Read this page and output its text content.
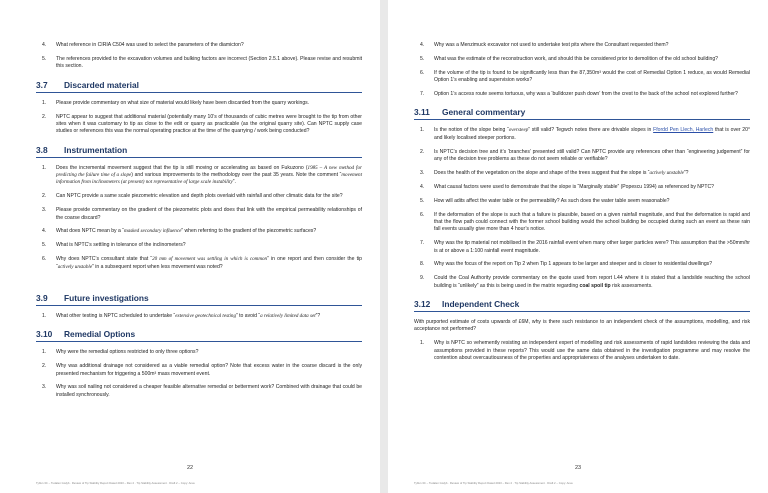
4.	What reference in CIRIA C504 was used to select the parameters of the diamicton?
5.	The references provided to the excavation volumes and bulking factors are incorrect (Section 2.5.1 above). Please revise and resubmit this section.
3.7	Discarded material
1.	Please provide commentary on what size of material would likely have been discarded from the quarry workings.
2.	NPTC appear to suggest that additional material (potentially many 10’s of thousands of cubic metres were brought to the tip from other sites when it was customary to tip as close to the edit or quarry as practicable (as the original quarry site). Can NPTC supply case studies or references this was the normal operating practice at the time of the quarrying / work being conducted?
3.8	Instrumentation
1.	Does the incremental movement suggest that the tip is still moving or accelerating as based on Fukuzono (1985 – A new method for predicting the failure time of a slope) and various improvements to the methodology over the past 35 years. Note the comment “movement information from inclinometers (at present) not representative of large scale instability”.
2.	Can NPTC provide a same scale piezometric elevation and depth plots overlaid with rainfall and other climatic data for the site?
3.	Please provide commentary on the gradient of the piezometric plots and does that link with the empirical permeability relationships of the coarse discard?
4.	What does NPTC mean by a “masked secondary influence” when referring to the gradient of the piezometric surfaces?
5.	What is NPTC’s settling in tolerance of the inclinometers?
6.	Why does NPTC’s consultant state that “20 mm of movement was settling in which is common” in one report and then consider the tip “actively unstable” in a subsequent report when less movement was noted?
3.9	Future investigations
1.	What other testing is NPTC scheduled to undertake “extensive geotechnical testing” to avoid “a relatively limited data set”?
3.10	Remedial Options
1.	Why were the remedial options restricted to only three options?
2.	Why was additional drainage not considered as a viable remedial option? Note that excess water in the coarse discard is the only presented mechanism for triggering a 500m³ mass movement event.
3.	Why was soil nailing not considered a cheaper feasible alternative remedial or betterment work? Combined with drainage that could be installed synchronously.
22
Tylfen 3C – Tudalen Gwlyb · Review of Tip Stability Report Dated 2023 – Rev 2 · Tip Stability Assessment · Draft 2 – Copy: Area
4.	Why was a Menzimuck excavator not used to undertake test pits where the Consultant requested them?
5.	What was the estimate of the reconstruction work, and should this be considered prior to demolition of the old school building?
6.	If the volume of the tip is found to be significantly less than the 87,350m³ would the cost of Remedial Option 1 reduce, as would Remedial Option 1’s enabling and supervision works?
7.	Option 1’s access route seems tortuous, why was a ‘bulldozer push down’ from the crest to the back of the school not explored further?
3.11	General commentary
1.	Is the notion of the slope being “oversteep” still valid? Tegwch notes there are drivable slopes in Ffordd Pen Llech, Harlech that is over 20° and likely localised steeper portions.
2.	Is NPTC’s decision tree and it’s ‘branches’ presented still valid? Can NPTC provide any references other than “engineering judgement” for any of the decision tree problems as these do not seem reliable or verifiable?
3.	Does the health of the vegetation on the slope and shape of the trees suggest that the slope is “actively unstable”?
4.	What causal factors were used to demonstrate that the slope is “Marginally stable” (Popescu 1994) as referenced by NPTC?
5.	How will adits affect the water table or the permeability? As such does the water table seem reasonable?
6.	If the deformation of the slope is such that a failure is plausible, based on a given rainfall magnitude, and that the deformation is rapid and that the flow path could connect with the former school building would the school building be occupied during such an event as these rain fall events usually give more than 4 hour’s notice.
7.	Why was the tip material not mobilised in the 2016 rainfall event when many other larger particles were? This assumption that the >50mm/hr is at or above a 1:100 rainfall event magnitude.
8.	Why was the focus of the report on Tip 2 when Tip 1 appears to be larger and steeper and is closer to residential dwellings?
9.	Could the Coal Authority provide commentary on the quote used from report L44 where it is stated that a landslide reaching the school building is “unlikely” as this is being used in the matrix regarding coal spoil tip risk assessments.
3.12	Independent Check
With purported estimate of costs upwards of £6M, why is there such resistance to an independent check of the assumptions, modelling, and risk acceptance not performed?
1.	Why is NPTC so vehemently resisting an independent expert of modelling and risk assessments of rapid landslides reviewing the data and assumptions provided in these reports? This would use the same data obtained in the investigation programme and may resolve the contention about overcautiousness of the properties and appropriateness of the analyses undertaken to date.
23
Tylfen 3C – Tudalen Gwlyb · Review of Tip Stability Report Dated 2023 – Rev 2 · Tip Stability Assessment · Draft 2 – Copy: Area
